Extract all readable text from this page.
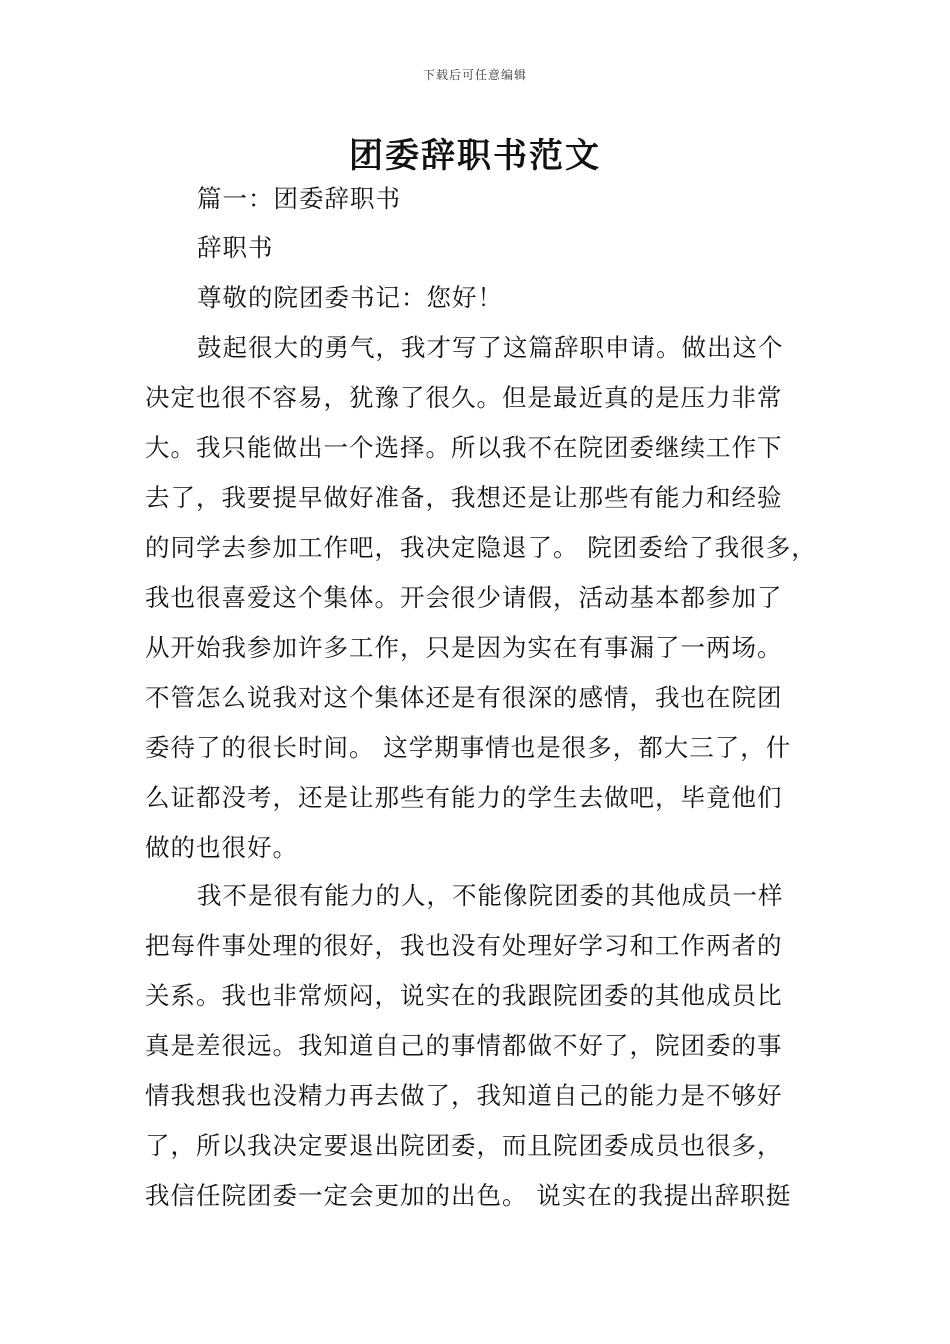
下载后可任意编辑
团委辞职书范文
篇一：团委辞职书
辞职书
尊敬的院团委书记：您好！
鼓起很大的勇气，我才写了这篇辞职申请。做出这个
决定也很不容易，犹豫了很久。但是最近真的是压力非常
大。我只能做出一个选择。所以我不在院团委继续工作下
去了，我要提早做好准备，我想还是让那些有能力和经验
的同学去参加工作吧，我决定隐退了。 院团委给了我很多，
我也很喜爱这个集体。开会很少请假，活动基本都参加了
从开始我参加许多工作，只是因为实在有事漏了一两场。
不管怎么说我对这个集体还是有很深的感情，我也在院团
委待了的很长时间。 这学期事情也是很多，都大三了，什
么证都没考，还是让那些有能力的学生去做吧，毕竟他们
做的也很好。
我不是很有能力的人，不能像院团委的其他成员一样
把每件事处理的很好，我也没有处理好学习和工作两者的
关系。我也非常烦闷，说实在的我跟院团委的其他成员比
真是差很远。我知道自己的事情都做不好了，院团委的事
情我想我也没精力再去做了，我知道自己的能力是不够好
了，所以我决定要退出院团委，而且院团委成员也很多，
我信任院团委一定会更加的出色。 说实在的我提出辞职挺
